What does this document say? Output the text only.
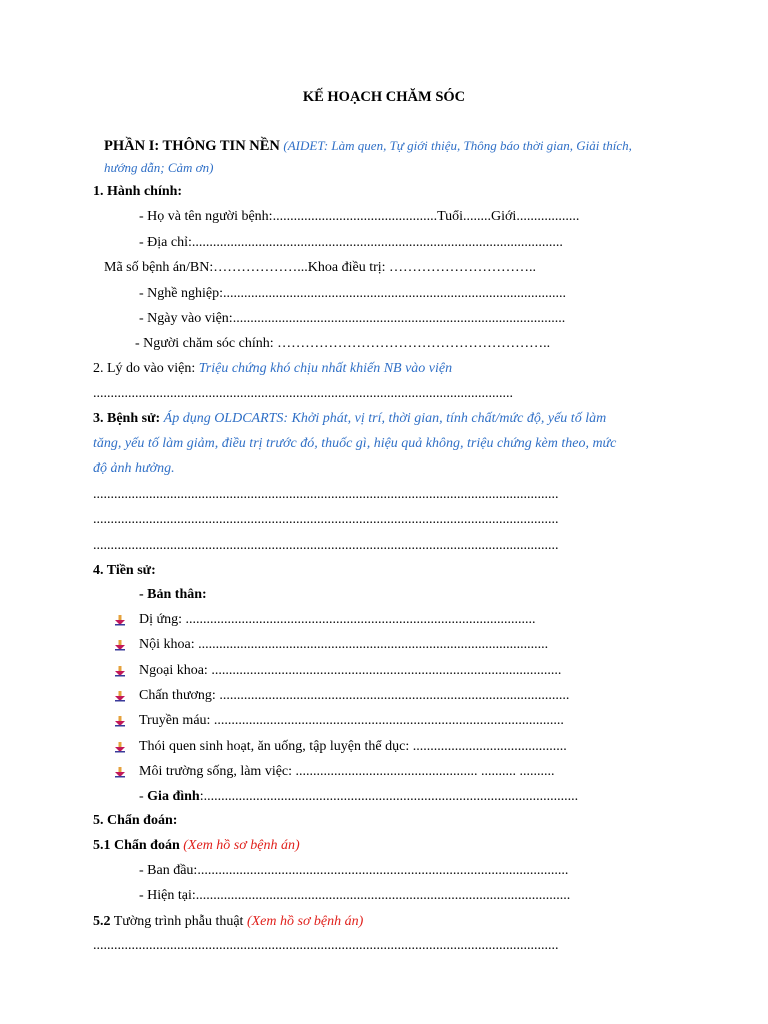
KẾ HOẠCH CHĂM SÓC
PHẦN I: THÔNG TIN NỀN (AIDET: Làm quen, Tự giới thiệu, Thông báo thời gian, Giải thích,
hướng dẫn; Cảm ơn)
1. Hành chính:
- Họ và tên người bệnh:...............................................Tuổi........Giới..................
- Địa chỉ:..........................................................................................................
Mã số bệnh án/BN:………………...Khoa điều trị: …………………………..
- Nghề nghiệp:..................................................................................................
- Ngày vào viện:...............................................................................................
- Người chăm sóc chính: …………………………………………………..
2. Lý do vào viện: Triệu chứng khó chịu nhất khiến NB vào viện
........................................................................................................................
3. Bệnh sử: Áp dụng OLDCARTS: Khởi phát, vị trí, thời gian, tính chất/mức độ, yếu tố làm
tăng, yếu tố làm giảm, điều trị trước đó, thuốc gì, hiệu quả không, triệu chứng kèm theo, mức
độ ảnh hưởng.
.....................................................................................................................................
.....................................................................................................................................
.....................................................................................................................................
4. Tiền sử:
- Bản thân:
Dị ứng: ....................................................................................................
Nội khoa: ....................................................................................................
Ngoại khoa: ....................................................................................................
Chấn thương: ....................................................................................................
Truyền máu: ....................................................................................................
Thói quen sinh hoạt, ăn uống, tập luyện thể dục: ............................................
Môi trường sống, làm việc: .................................................... .......... ..........
- Gia đình:...........................................................................................................
5. Chẩn đoán:
5.1 Chẩn đoán (Xem hồ sơ bệnh án)
- Ban đầu:..........................................................................................................
- Hiện tại:...........................................................................................................
5.2 Tường trình phẫu thuật (Xem hồ sơ bệnh án)
.....................................................................................................................................
